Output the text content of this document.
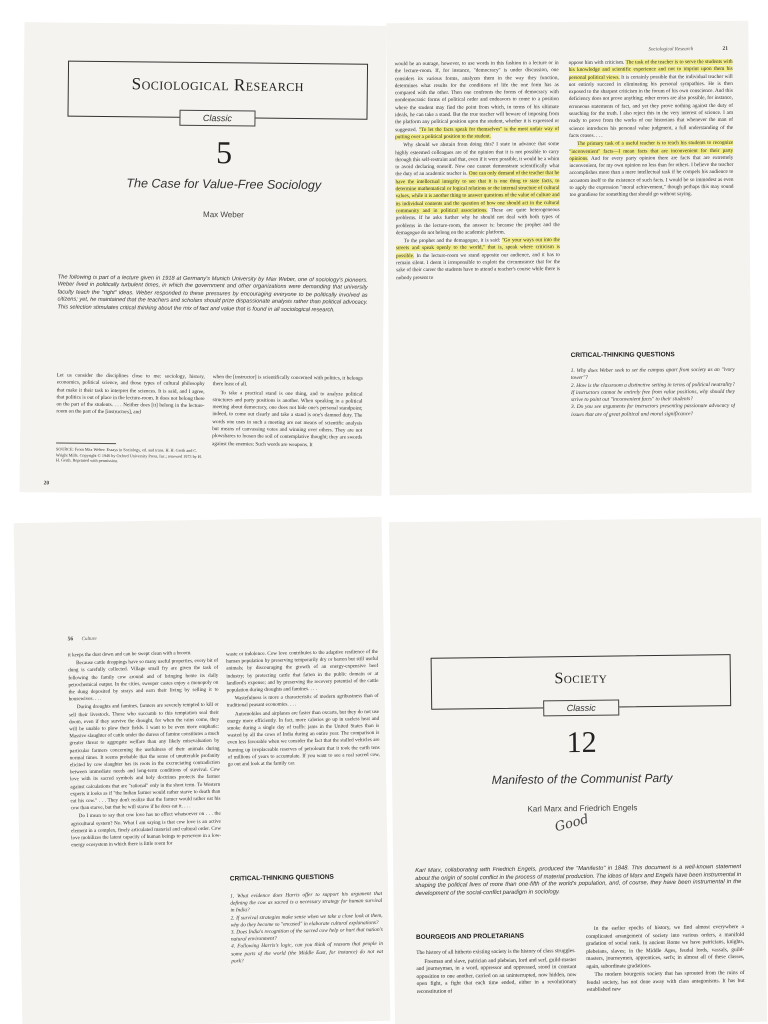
Sociological Research
Classic
5
The Case for Value-Free Sociology
Max Weber
The following is part of a lecture given in 1918 at Germany's Munich University by Max Weber, one of sociology's pioneers. Weber lived in politically turbulent times, in which the government and other organizations were demanding that university faculty teach the "right" ideas. Weber responded to these pressures by encouraging everyone to be politically involved as citizens; yet, he maintained that the teachers and scholars should prize dispassionate analysis rather than political advocacy. This selection stimulates critical thinking about the mix of fact and value that is found in all sociological research.

Let us consider the disciplines close to me: sociology, history, economics, political science, and those types of cultural philosophy that make it their task to interpret the sciences. It is said, and I agree, that politics is out of place in the lecture-room. It does not belong there on the part of the students. . . . Neither does [it] belong in the lecture-room on the part of the [instructors], and

SOURCE: From Max Weber: Essays in Sociology, ed. and trans. H. H. Gerth and C. Wright Mills. Copyright © 1946 by Oxford University Press, Inc.; renewed 1973 by H. H. Gerth. Reprinted with permission.

when the [instructor] is scientifically concerned with politics, it belongs there least of all.

To take a practical stand is one thing, and to analyze political structures and party positions is another. When speaking in a political meeting about democracy, one does not hide one's personal standpoint; indeed, to come out clearly and take a stand is one's damned duty. The words one uses in such a meeting are not means of scientific analysis but means of canvassing votes and winning over others. They are not plowshares to loosen the soil of contemplative thought; they are swords against the enemies: Such words are weapons. It

20
Sociological Research	21

would be an outrage, however, to use words in this fashion in a lecture or in the lecture-room. If, for instance, "democracy" is under discussion, one considers its various forms, analyzes them in the way they function, determines what results for the conditions of life the one form has as compared with the other. Then one confronts the forms of democracy with nondemocratic forms of political order and endeavors to come to a position where the student may find the point from which, in terms of his ultimate ideals, he can take a stand. But the true teacher will beware of imposing from the platform any political position upon the student, whether it is expressed or suggested. "To let the facts speak for themselves" is the most unfair way of putting over a political position to the student.

Why should we abstain from doing this? I state in advance that some highly esteemed colleagues are of the opinion that it is not possible to carry through this self-restraint and that, even if it were possible, it would be a whim to avoid declaring oneself. Now one cannot demonstrate scientifically what the duty of an academic teacher is. One can only demand of the teacher that he have the intellectual integrity to see that it is one thing to state facts, to determine mathematical or logical relations or the internal structure of cultural values, while it is another thing to answer questions of the value of culture and its individual contents and the question of how one should act in the cultural community and in political associations. These are quite heterogeneous problems. If he asks further why he should not deal with both types of problems in the lecture-room, the answer is: because the prophet and the demagogue do not belong on the academic platform.

To the prophet and the demagogue, it is said: "Go your ways out into the streets and speak openly to the world," that is, speak where criticism is possible. In the lecture-room we stand opposite our audience, and it has to remain silent. I deem it irresponsible to exploit the circumstance that for the sake of their career the students have to attend a teacher's course while there is nobody present to

oppose him with criticism. The task of the teacher is to serve the students with his knowledge and scientific experience and not to imprint upon them his personal political views. It is certainly possible that the individual teacher will not entirely succeed in eliminating his personal sympathies. He is then exposed to the sharpest criticism in the forum of his own conscience. And this deficiency does not prove anything; other errors are also possible, for instance, erroneous statements of fact, and yet they prove nothing against the duty of searching for the truth. I also reject this in the very interest of science. I am ready to prove from the works of our historians that whenever the man of science introduces his personal value judgment, a full understanding of the facts ceases. . . .

The primary task of a useful teacher is to teach his students to recognize "inconvenient" facts—I mean facts that are inconvenient for their party opinions. And for every party opinion there are facts that are extremely inconvenient, for my own opinion no less than for others. I believe the teacher accomplishes more than a mere intellectual task if he compels his audience to accustom itself to the existence of such facts. I would be so immodest as even to apply the expression "moral achievement," though perhaps this may sound too grandiose for something that should go without saying.

CRITICAL-THINKING QUESTIONS

1. Why does Weber seek to set the campus apart from society as an "ivory tower"?

2. How is the classroom a distinctive setting in terms of political neutrality? If instructors cannot be entirely free from value positions, why should they strive to point out "inconvenient facts" to their students?

3. Do you see arguments for instructors presenting passionate advocacy of issues that are of great political and moral significance?

56 Culture

it keeps the dust down and can be swept clean with a broom.

Because cattle droppings have so many useful properties, every bit of dung is carefully collected. Village small fry are given the task of following the family cow around and of bringing home its daily petrochemical output. In the cities, sweeper castes enjoy a monopoly on the dung deposited by strays and earn their living by selling it to housewives. . . .

During droughts and famines, farmers are severely tempted to kill or sell their livestock. Those who succumb to this temptation seal their doom, even if they survive the drought, for when the rains come, they will be unable to plow their fields. I want to be even more emphatic: Massive slaughter of cattle under the duress of famine constitutes a much greater threat to aggregate welfare than any likely misevaluation by particular farmers concerning the usefulness of their animals during normal times. It seems probable that the sense of unutterable profanity elicited by cow slaughter has its roots in the excruciating contradiction between immediate needs and long-term conditions of survival. Cow love with its sacred symbols and holy doctrines protects the farmer against calculations that are "rational" only in the short term. To Western experts it looks as if "the Indian farmer would rather starve to death than eat his cow." . . . They don't realize that the farmer would rather eat his cow than starve, but that he will starve if he does eat it. . . .

Do I mean to say that cow love has no effect whatsoever on . . . the agricultural system? No. What I am saying is that cow love is an active element in a complex, finely articulated material and cultural order. Cow love mobilizes the latent capacity of human beings to persevere in a low-energy ecosystem in which there is little room for

waste or indolence. Cow love contributes to the adaptive resilience of the human population by preserving temporarily dry or barren but still useful animals; by discouraging the growth of an energy-expensive beef industry; by protecting cattle that fatten in the public domain or at landlord's expense; and by preserving the recovery potential of the cattle population during droughts and famines. . . .

Wastefulness is more a characteristic of modern agribusiness than of traditional peasant economies. . . .

Automobiles and airplanes are faster than oxcarts, but they do not use energy more efficiently. In fact, more calories go up in useless heat and smoke during a single day of traffic jams in the United States than is wasted by all the cows of India during an entire year. The comparison is even less favorable when we consider the fact that the stalled vehicles are burning up irreplaceable reserves of petroleum that it took the earth tens of millions of years to accumulate. If you want to see a real sacred cow, go out and look at the family car.

CRITICAL-THINKING QUESTIONS

1. What evidence does Harris offer to support his argument that defining the cow as sacred is a necessary strategy for human survival in India?

2. If survival strategies make sense when we take a close look at them, why do they become so "encased" in elaborate cultural explanations?

3. Does India's recognition of the sacred cow help or hurt that nation's natural environment?

4. Following Harris's logic, can you think of reasons that people in some parts of the world (the Middle East, for instance) do not eat pork?

Society
Classic
12
Manifesto of the Communist Party
Karl Marx and Friedrich Engels
Good
Karl Marx, collaborating with Friedrich Engels, produced the "Manifesto" in 1848. This document is a well-known statement about the origin of social conflict in the process of material production. The ideas of Marx and Engels have been instrumental in shaping the political lives of more than one-fifth of the world's population, and, of course, they have been instrumental in the development of the social-conflict paradigm in sociology.
BOURGEOIS AND PROLETARIANS

The history of all hitherto existing society is the history of class struggles.

Freeman and slave, patrician and plebeian, lord and serf, guild-master and journeyman, in a word, oppressor and oppressed, stood in constant opposition to one another, carried on an uninterrupted, now hidden, now open fight, a fight that each time ended, either in a revolutionary reconstitution of

In the earlier epochs of history, we find almost everywhere a complicated arrangement of society into various orders, a manifold gradation of social rank. In ancient Rome we have patricians, knights, plebeians, slaves; in the Middle Ages, feudal lords, vassals, guild-masters, journeymen, apprentices, serfs; in almost all of these classes, again, subordinate gradations.

The modern bourgeois society that has sprouted from the ruins of feudal society, has not done away with class antagonisms. It has but established new
